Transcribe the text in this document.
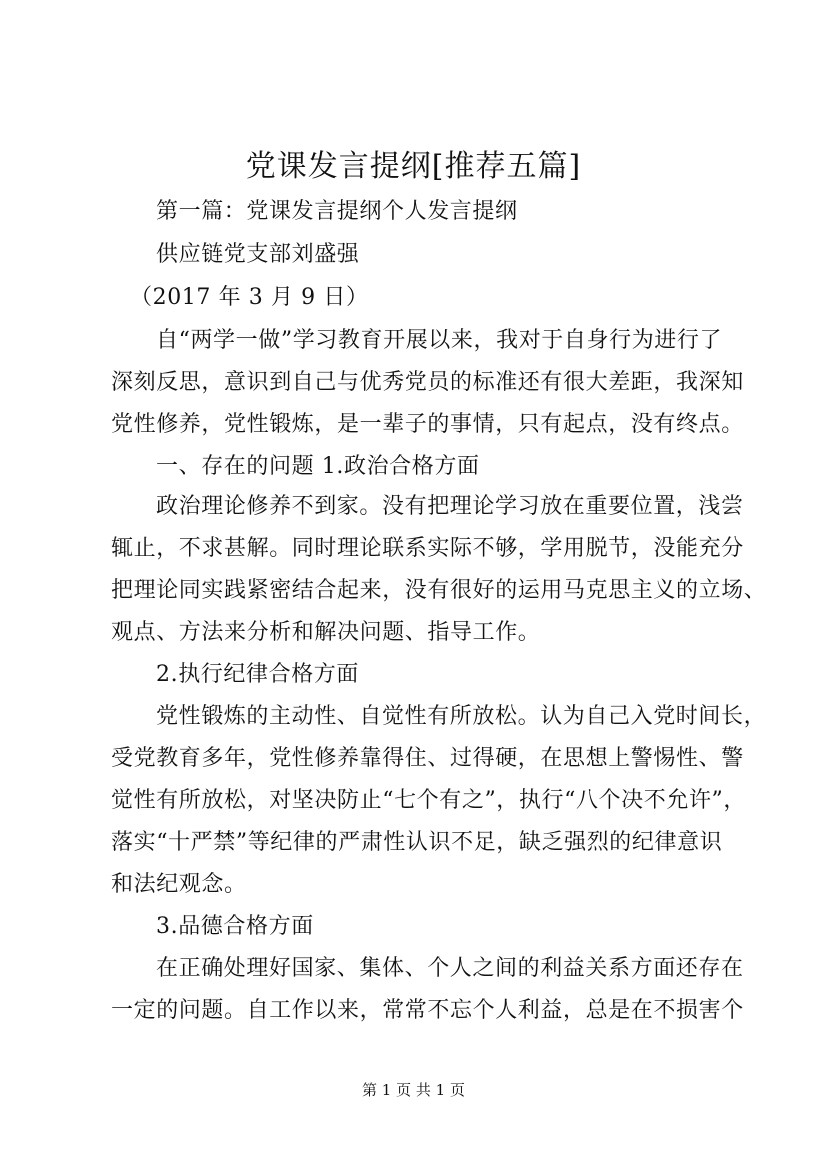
党课发言提纲[推荐五篇]
第一篇：党课发言提纲个人发言提纲
供应链党支部刘盛强
（2017 年 3 月 9 日）
自“两学一做”学习教育开展以来，我对于自身行为进行了
深刻反思，意识到自己与优秀党员的标准还有很大差距，我深知
党性修养，党性锻炼，是一辈子的事情，只有起点，没有终点。
一、存在的问题 1.政治合格方面
政治理论修养不到家。没有把理论学习放在重要位置，浅尝
辄止，不求甚解。同时理论联系实际不够，学用脱节，没能充分
把理论同实践紧密结合起来，没有很好的运用马克思主义的立场、
观点、方法来分析和解决问题、指导工作。
2.执行纪律合格方面
党性锻炼的主动性、自觉性有所放松。认为自己入党时间长，
受党教育多年，党性修养靠得住、过得硬，在思想上警惕性、警
觉性有所放松，对坚决防止“七个有之”，执行“八个决不允许”，
落实“十严禁”等纪律的严肃性认识不足，缺乏强烈的纪律意识
和法纪观念。
3.品德合格方面
在正确处理好国家、集体、个人之间的利益关系方面还存在
一定的问题。自工作以来，常常不忘个人利益，总是在不损害个
第 1 页 共 1 页
